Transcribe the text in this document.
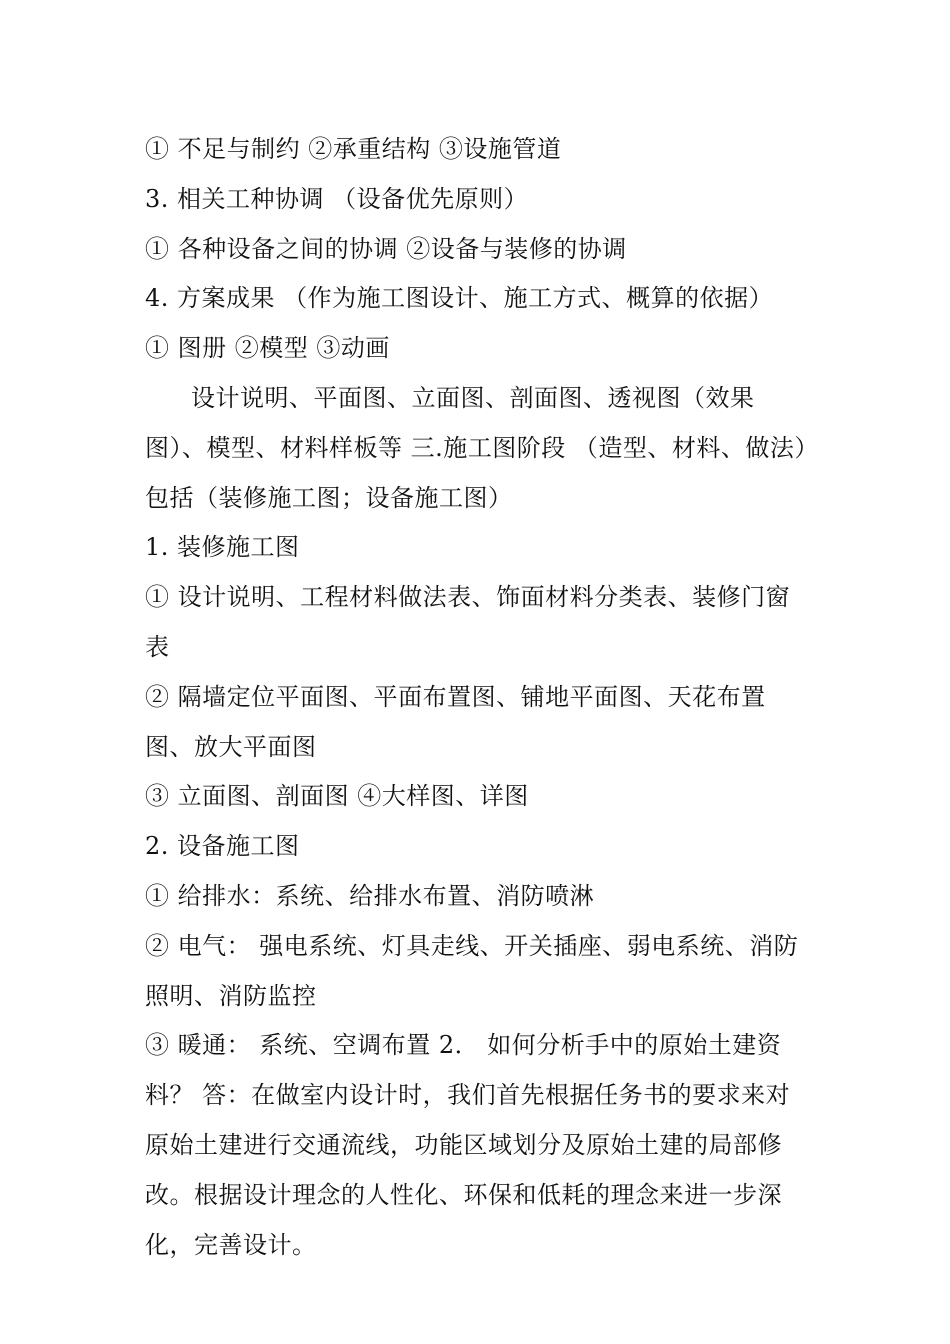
① 不足与制约 ②承重结构 ③设施管道

3. 相关工种协调 （设备优先原则）

① 各种设备之间的协调 ②设备与装修的协调

4. 方案成果 （作为施工图设计、施工方式、概算的依据）

① 图册 ②模型 ③动画

设计说明、平面图、立面图、剖面图、透视图（效果图）、模型、材料样板等 三.施工图阶段 （造型、材料、做法）包括（装修施工图；设备施工图）

1. 装修施工图

① 设计说明、工程材料做法表、饰面材料分类表、装修门窗表

② 隔墙定位平面图、平面布置图、铺地平面图、天花布置图、放大平面图

③ 立面图、剖面图 ④大样图、详图

2. 设备施工图

① 给排水：系统、给排水布置、消防喷淋

② 电气： 强电系统、灯具走线、开关插座、弱电系统、消防照明、消防监控

③ 暖通： 系统、空调布置 2． 如何分析手中的原始土建资料？ 答：在做室内设计时，我们首先根据任务书的要求来对原始土建进行交通流线，功能区域划分及原始土建的局部修改。根据设计理念的人性化、环保和低耗的理念来进一步深化，完善设计。
